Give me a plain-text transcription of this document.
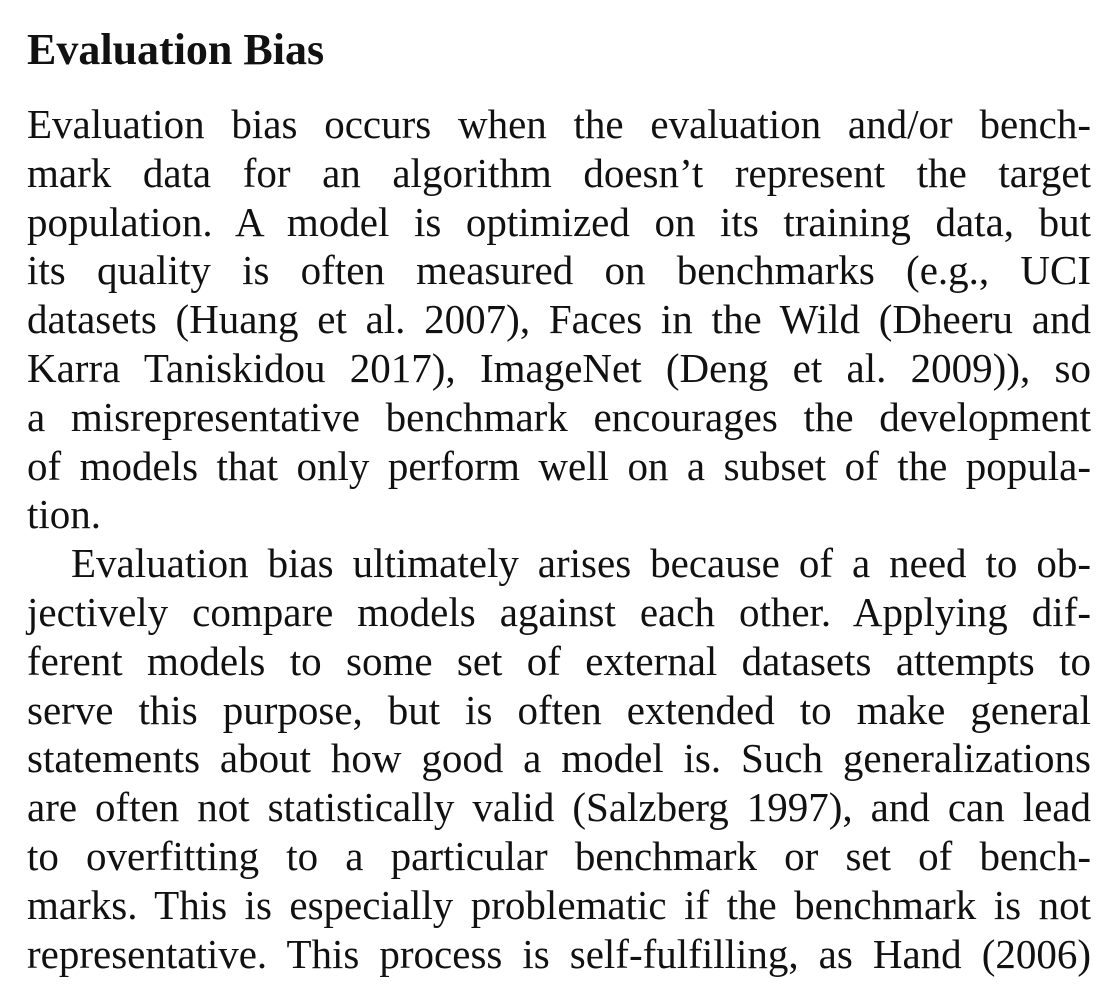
Evaluation Bias
Evaluation bias occurs when the evaluation and/or bench-
mark data for an algorithm doesn’t represent the target
population. A model is optimized on its training data, but
its quality is often measured on benchmarks (e.g., UCI
datasets (Huang et al. 2007), Faces in the Wild (Dheeru and
Karra Taniskidou 2017), ImageNet (Deng et al. 2009)), so
a misrepresentative benchmark encourages the development
of models that only perform well on a subset of the popula-
tion.
Evaluation bias ultimately arises because of a need to ob-
jectively compare models against each other. Applying dif-
ferent models to some set of external datasets attempts to
serve this purpose, but is often extended to make general
statements about how good a model is. Such generalizations
are often not statistically valid (Salzberg 1997), and can lead
to overfitting to a particular benchmark or set of bench-
marks. This is especially problematic if the benchmark is not
representative. This process is self-fulfilling, as Hand (2006)
